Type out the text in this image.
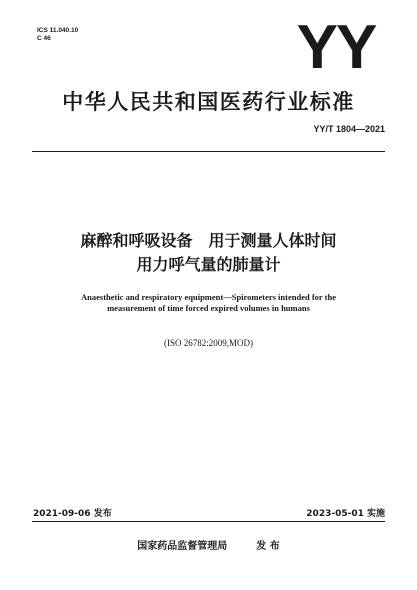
ICS 11.040.10
C 46	YY
中华人民共和国医药行业标准
YY/T 1804—2021
麻醉和呼吸设备　用于测量人体时间
用力呼气量的肺量计
Anaesthetic and respiratory equipment—Spirometers intended for the
measurement of time forced expired volumes in humans
(ISO 26782:2009,MOD)
2021-09-06 发布	2023-05-01 实施
国家药品监督管理局	发 布
